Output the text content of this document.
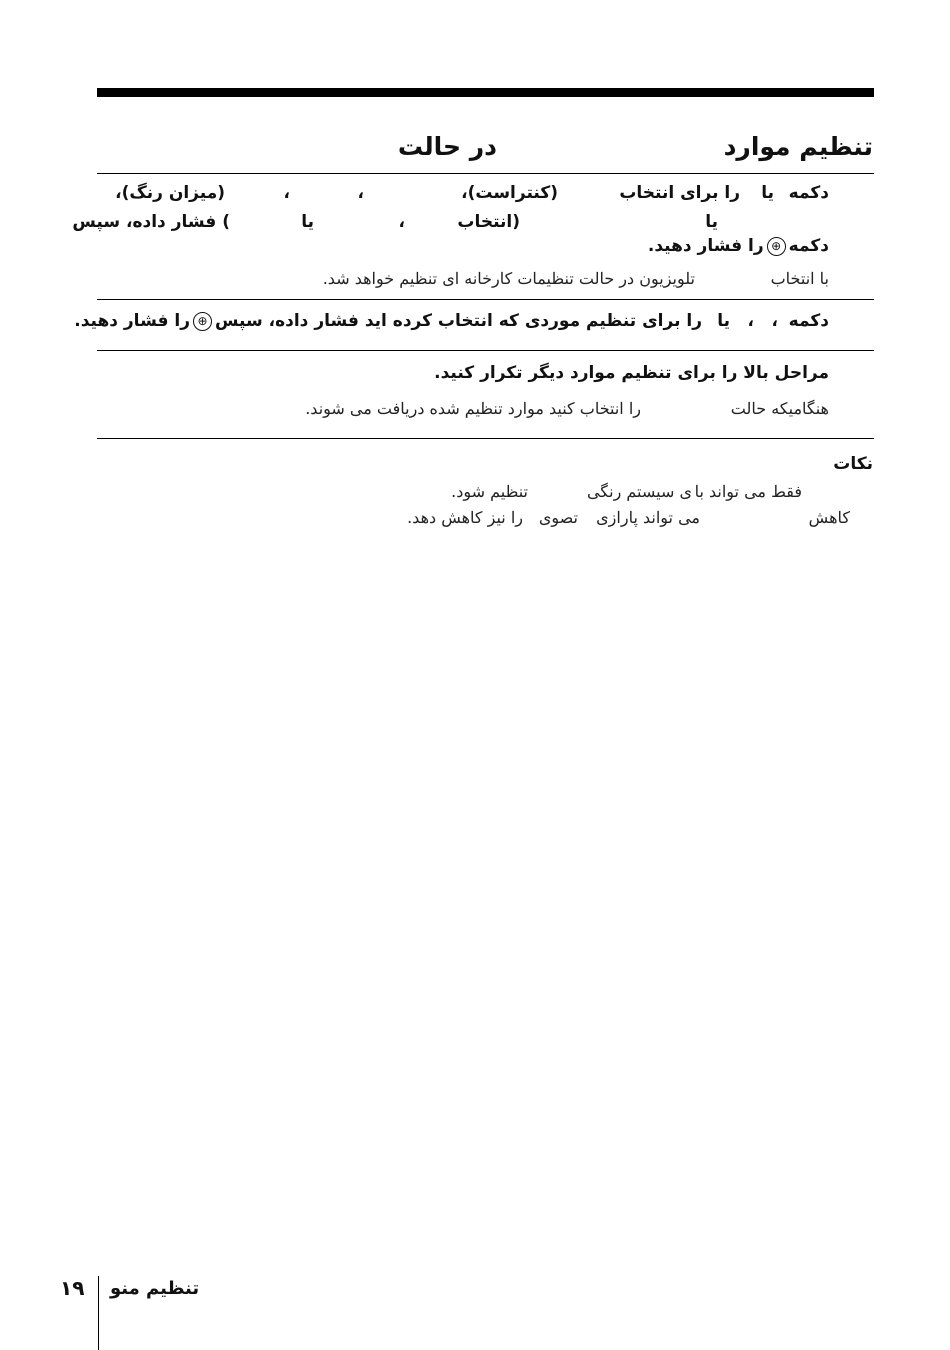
تنظیم موارد
در حالت
دکمه
یا
را برای انتخاب
(کنتراست)،
،
،
(میزان رنگ)،
یا
(انتخاب
،
یا
) فشار داده، سپس
دکمه⊕را فشار دهید.
با انتخاب
تلویزیون در حالت تنظیمات کارخانه ای تنظیم خواهد شد.
دکمه
،
،
یا
را برای تنظیم موردی که انتخاب کرده اید فشار داده، سپس⊕را فشار دهید.
مراحل بالا را برای تنظیم موارد دیگر تکرار کنید.
هنگامیکه حالت
را انتخاب کنید موارد تنظیم شده دریافت می شوند.
نکات
فقط می تواند با
ی سیستم رنگی
تنظیم شود.
کاهش
می تواند پارازی
تصوی
را نیز کاهش دهد.
۱۹ تنظیم منو
